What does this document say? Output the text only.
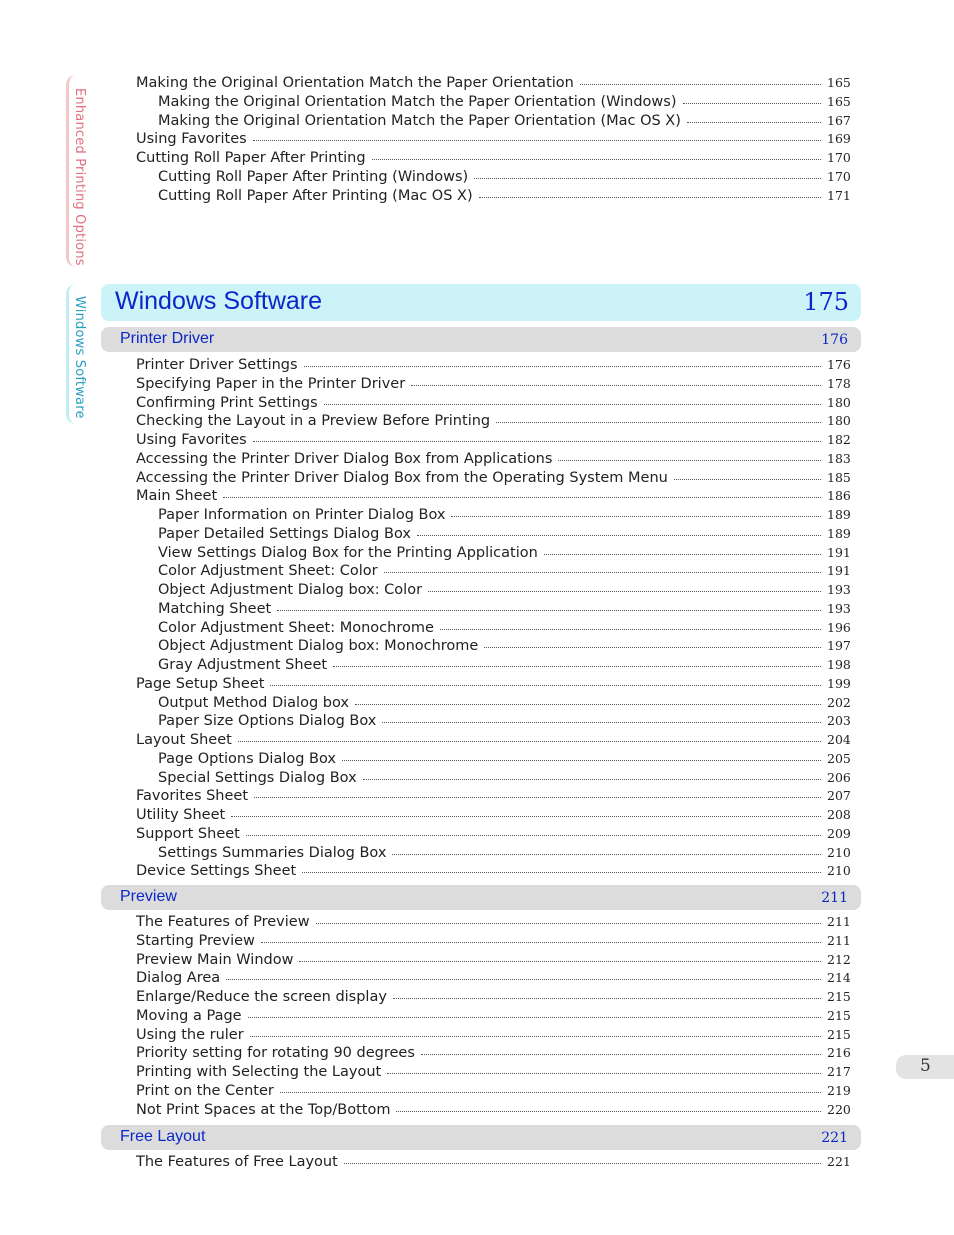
Enhanced Printing Options
Windows Software
Making the Original Orientation Match the Paper Orientation	165
Making the Original Orientation Match the Paper Orientation (Windows)	165
Making the Original Orientation Match the Paper Orientation (Mac OS X)	167
Using Favorites	169
Cutting Roll Paper After Printing	170
Cutting Roll Paper After Printing (Windows)	170
Cutting Roll Paper After Printing (Mac OS X)	171
Windows Software	175
Printer Driver	176
Printer Driver Settings	176
Specifying Paper in the Printer Driver	178
Confirming Print Settings	180
Checking the Layout in a Preview Before Printing	180
Using Favorites	182
Accessing the Printer Driver Dialog Box from Applications	183
Accessing the Printer Driver Dialog Box from the Operating System Menu	185
Main Sheet	186
Paper Information on Printer Dialog Box	189
Paper Detailed Settings Dialog Box	189
View Settings Dialog Box for the Printing Application	191
Color Adjustment Sheet: Color	191
Object Adjustment Dialog box: Color	193
Matching Sheet	193
Color Adjustment Sheet: Monochrome	196
Object Adjustment Dialog box: Monochrome	197
Gray Adjustment Sheet	198
Page Setup Sheet	199
Output Method Dialog box	202
Paper Size Options Dialog Box	203
Layout Sheet	204
Page Options Dialog Box	205
Special Settings Dialog Box	206
Favorites Sheet	207
Utility Sheet	208
Support Sheet	209
Settings Summaries Dialog Box	210
Device Settings Sheet	210
Preview	211
The Features of Preview	211
Starting Preview	211
Preview Main Window	212
Dialog Area	214
Enlarge/Reduce the screen display	215
Moving a Page	215
Using the ruler	215
Priority setting for rotating 90 degrees	216
Printing with Selecting the Layout	217
Print on the Center	219
Not Print Spaces at the Top/Bottom	220
Free Layout	221
The Features of Free Layout	221
5
